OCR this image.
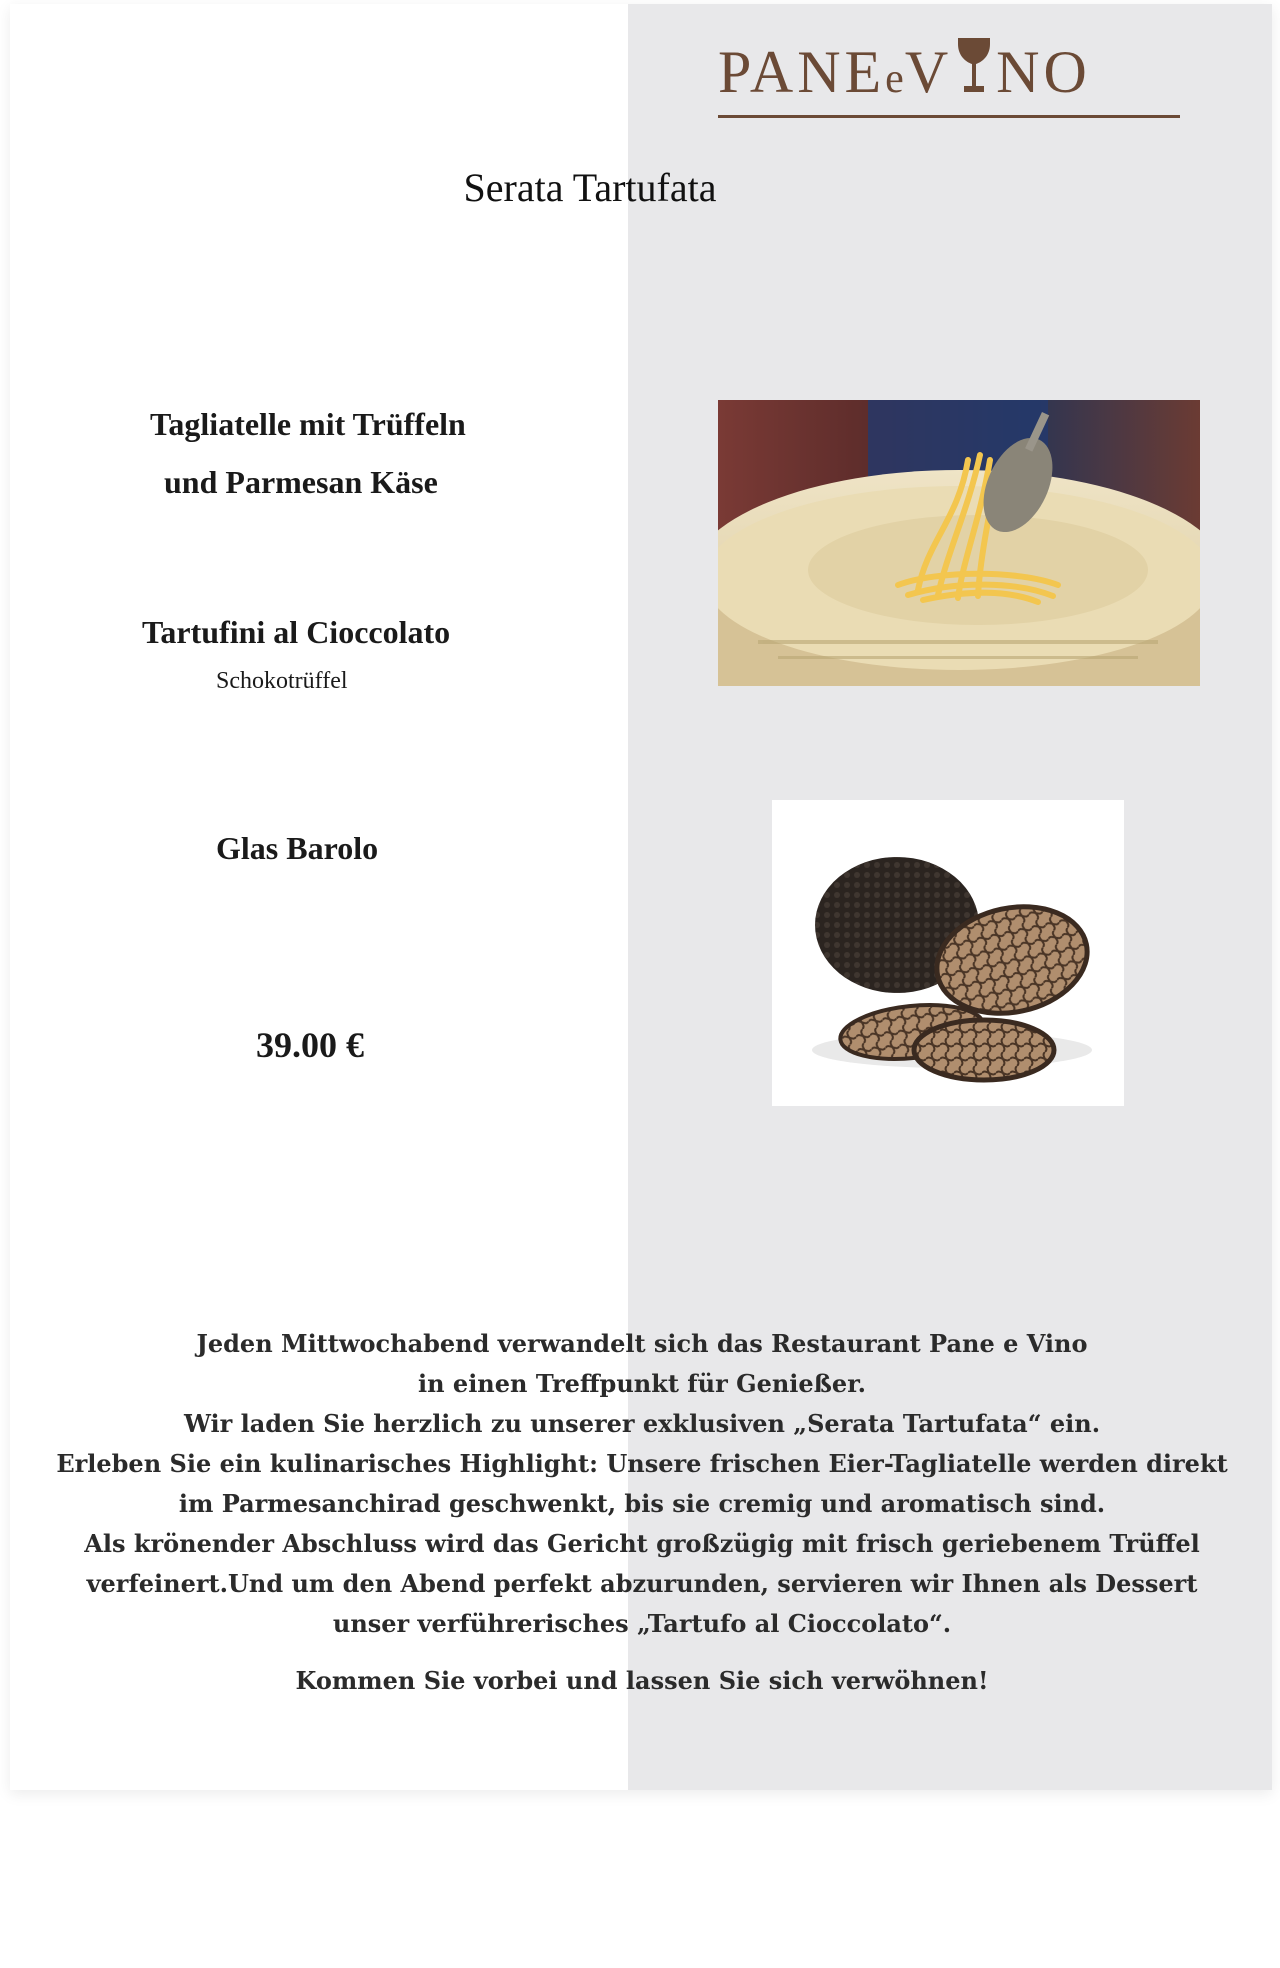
PANEeV NO
Serata Tartufata
Tagliatelle mit Trüffeln
und Parmesan Käse
Tartufini al Cioccolato
Schokotrüffel
Glas Barolo
39.00 €
Jeden Mittwochabend verwandelt sich das Restaurant Pane e Vino
in einen Treffpunkt für Genießer.
Wir laden Sie herzlich zu unserer exklusiven „Serata Tartufata“ ein.
Erleben Sie ein kulinarisches Highlight: Unsere frischen Eier-Tagliatelle werden direkt
im Parmesanchirad geschwenkt, bis sie cremig und aromatisch sind.
Als krönender Abschluss wird das Gericht großzügig mit frisch geriebenem Trüffel
verfeinert.Und um den Abend perfekt abzurunden, servieren wir Ihnen als Dessert
unser verführerisches „Tartufo al Cioccolato“.
Kommen Sie vorbei und lassen Sie sich verwöhnen!
